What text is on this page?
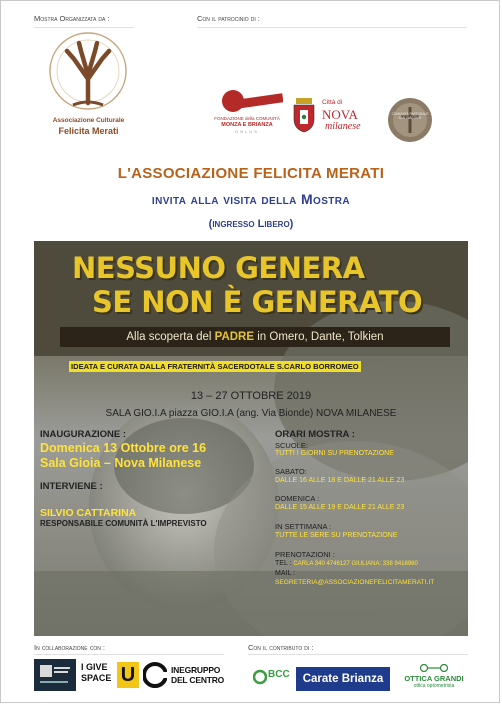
Mostra Organizzata da :	Con il patrocinio di :
Associazione Culturale
Felicita Merati
FONDAZIONE della COMUNITÀ
MONZA E BRIANZA
ONLUS
Città di
NOVA
milanese
COMUNITÀ PASTORALE SAN GIACOMO
L'ASSOCIAZIONE FELICITA MERATI
invita alla visita della Mostra
(ingresso Libero)
NESSUNO GENERA
SE NON È GENERATO
Alla scoperta del PADRE in Omero, Dante, Tolkien
IDEATA E CURATA DALLA FRATERNITÀ SACERDOTALE S.CARLO BORROMEO
13 – 27 OTTOBRE 2019
SALA GIO.I.A piazza GIO.I.A (ang. Via Bionde) NOVA MILANESE
INAUGURAZIONE :
Domenica 13 Ottobre ore 16
Sala Gioia – Nova Milanese
INTERVIENE :
SILVIO CATTARINA
RESPONSABILE COMUNITÀ L'IMPREVISTO
ORARI MOSTRA :
SCUOLE:
TUTTI I GIORNI SU PRENOTAZIONE
SABATO:
DALLE 16 ALLE 18 E DALLE 21 ALLE 23
DOMENICA :
DALLE 15 ALLE 19 E DALLE 21 ALLE 23
IN SETTIMANA :
TUTTE LE SERE SU PRENOTAZIONE
PRENOTAZIONI :
TEL : CARLA 340 4746127 GIULIANA: 338 9418980
MAIL :
SEGRETERIA@ASSOCIAZIONEFELICITAMERATI.IT
In collaborazione con :	Con il contributo di :
I GIVE
SPACE U	INEGRUPPO
DEL CENTRO	BCC	Carate Brianza	OTTICA GRANDI
ottica optometrista
